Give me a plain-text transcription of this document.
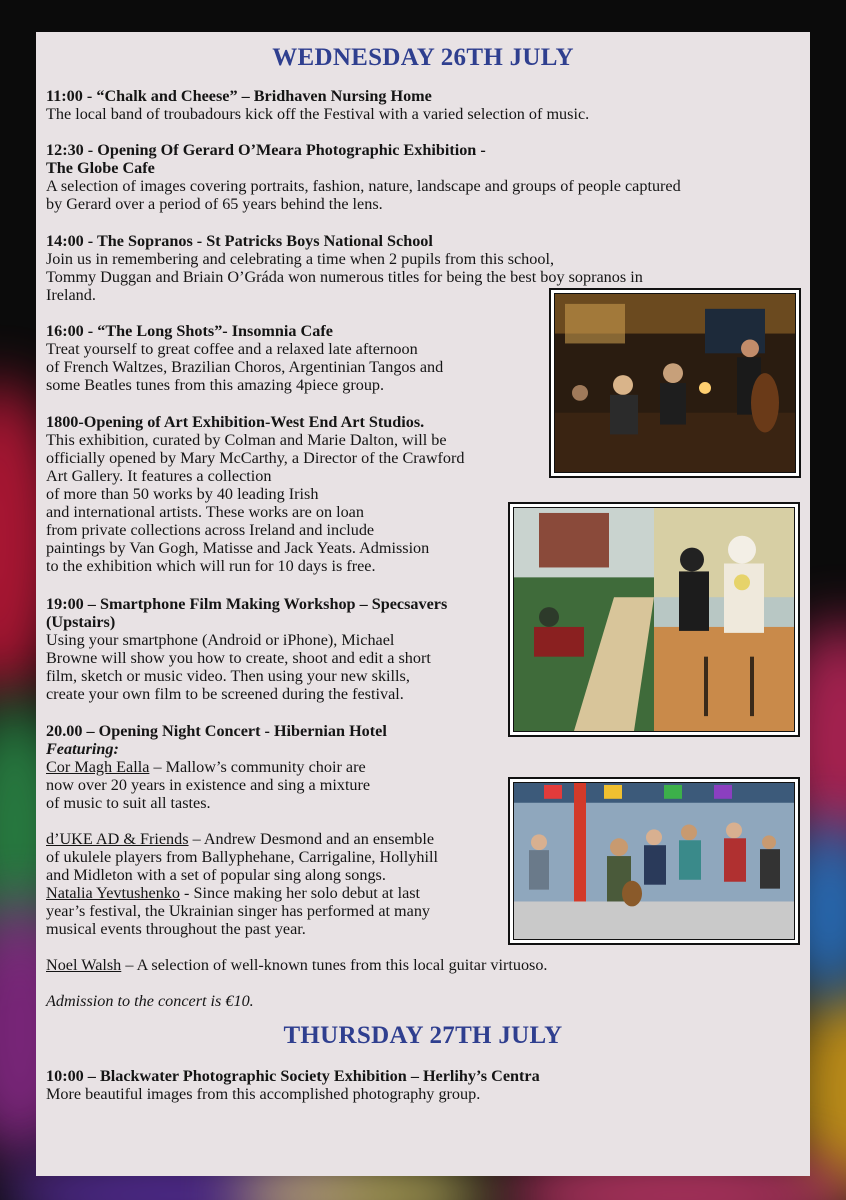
WEDNESDAY 26TH JULY

11:00 - “Chalk and Cheese” – Bridhaven Nursing Home

The local band of troubadours kick off the Festival with a varied selection of music.

12:30 - Opening Of Gerard O’Meara Photographic Exhibition -

The Globe Cafe

A selection of images covering portraits, fashion, nature, landscape and groups of people captured

by Gerard over a period of 65 years behind the lens.

14:00 - The Sopranos - St Patricks Boys National School

Join us in remembering and celebrating a time when 2 pupils from this school,

Tommy Duggan and Briain O’Gráda won numerous titles for being the best boy sopranos in

Ireland.

16:00 - “The Long Shots”- Insomnia Cafe

Treat yourself to great coffee and a relaxed late afternoon

of French Waltzes, Brazilian Choros, Argentinian Tangos and

some Beatles tunes from this amazing 4piece group.

1800-Opening of Art Exhibition-West End Art Studios.

This exhibition, curated by Colman and Marie Dalton, will be

officially opened by Mary McCarthy, a Director of the Crawford

Art Gallery. It features a collection

of more than 50 works by 40 leading Irish

and international artists. These works are on loan

from private collections across Ireland and include

paintings by Van Gogh, Matisse and Jack Yeats. Admission

to the exhibition which will run for 10 days is free.

19:00 – Smartphone Film Making Workshop – Specsavers

(Upstairs)

Using your smartphone (Android or iPhone), Michael

Browne will show you how to create, shoot and edit a short

film, sketch or music video. Then using your new skills,

create your own film to be screened during the festival.

20.00 – Opening Night Concert - Hibernian Hotel

Featuring:

Cor Magh Ealla – Mallow’s community choir are

now over 20 years in existence and sing a mixture

of music to suit all tastes.

d’UKE AD & Friends – Andrew Desmond and an ensemble

of ukulele players from Ballyphehane, Carrigaline, Hollyhill

and Midleton with a set of popular sing along songs.

Natalia Yevtushenko - Since making her solo debut at last

year’s festival, the Ukrainian singer has performed at many

musical events throughout the past year.

Noel Walsh – A selection of well-known tunes from this local guitar virtuoso.

Admission to the concert is €10.

THURSDAY 27TH JULY

10:00 – Blackwater Photographic Society Exhibition – Herlihy’s Centra

More beautiful images from this accomplished photography group.
